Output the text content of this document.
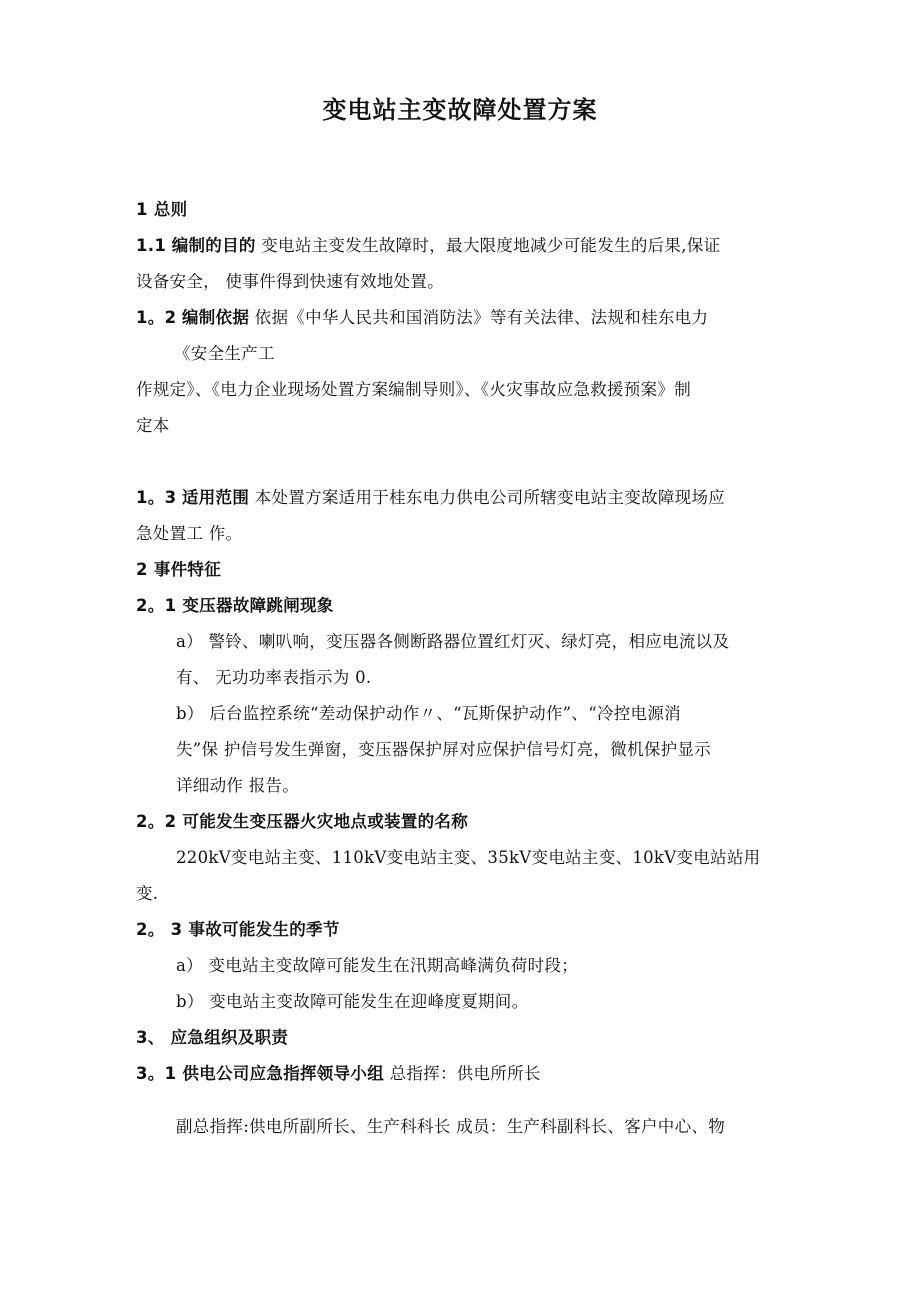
变电站主变故障处置方案
1 总则
1.1 编制的目的 变电站主变发生故障时，最大限度地减少可能发生的后果,保证
设备安全， 使事件得到快速有效地处置。
1。2 编制依据 依据《中华人民共和国消防法》等有关法律、法规和桂东电力
《安全生产工
作规定》、《电力企业现场处置方案编制导则》、《火灾事故应急救援预案》制
定本
1。3 适用范围 本处置方案适用于桂东电力供电公司所辖变电站主变故障现场应
急处置工 作。
2 事件特征
2。1 变压器故障跳闸现象
a） 警铃、喇叭响，变压器各侧断路器位置红灯灭、绿灯亮，相应电流以及
有、 无功功率表指示为 0.
b） 后台监控系统“差动保护动作〃、“瓦斯保护动作”、“冷控电源消
失”保 护信号发生弹窗，变压器保护屏对应保护信号灯亮，微机保护显示
详细动作 报告。
2。2 可能发生变压器火灾地点或装置的名称
220kV变电站主变、110kV变电站主变、35kV变电站主变、10kV变电站站用
变.
2。 3 事故可能发生的季节
a） 变电站主变故障可能发生在汛期高峰满负荷时段；
b） 变电站主变故障可能发生在迎峰度夏期间。
3、 应急组织及职责
3。1 供电公司应急指挥领导小组 总指挥：供电所所长
副总指挥:供电所副所长、生产科科长 成员：生产科副科长、客户中心、物
